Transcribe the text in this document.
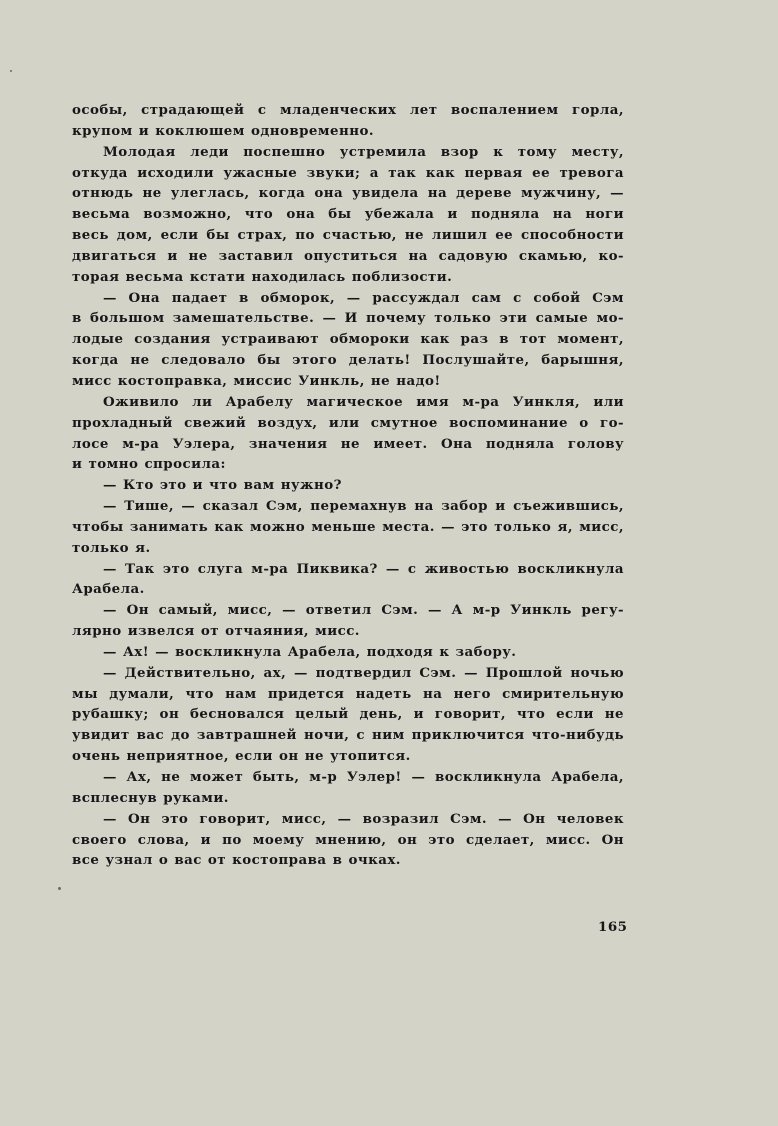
особы, страдающей с младенческих лет воспалением горла,

крупом и коклюшем одновременно.

Молодая леди поспешно устремила взор к тому месту,

откуда исходили ужасные звуки; а так как первая ее тревога

отнюдь не улеглась, когда она увидела на дереве мужчину, —

весьма возможно, что она бы убежала и подняла на ноги

весь дом, если бы страх, по счастью, не лишил ее способности

двигаться и не заставил опуститься на садовую скамью, ко-

торая весьма кстати находилась поблизости.

— Она падает в обморок, — рассуждал сам с собой Сэм

в большом замешательстве. — И почему только эти самые мо-

лодые создания устраивают обмороки как раз в тот момент,

когда не следовало бы этого делать! Послушайте, барышня,

мисс костоправка, миссис Уинкль, не надо!

Оживило ли Арабелу магическое имя м-ра Уинкля, или

прохладный свежий воздух, или смутное воспоминание о го-

лосе м-ра Уэлера, значения не имеет. Она подняла голову

и томно спросила:

— Кто это и что вам нужно?

— Тише, — сказал Сэм, перемахнув на забор и съежившись,

чтобы занимать как можно меньше места. — это только я, мисс,

только я.

— Так это слуга м-ра Пиквика? — с живостью воскликнула

Арабела.

— Он самый, мисс, — ответил Сэм. — А м-р Уинкль регу-

лярно извелся от отчаяния, мисс.

— Ах! — воскликнула Арабела, подходя к забору.

— Действительно, ах, — подтвердил Сэм. — Прошлой ночью

мы думали, что нам придется надеть на него смирительную

рубашку; он бесновался целый день, и говорит, что если не

увидит вас до завтрашней ночи, с ним приключится что-нибудь

очень неприятное, если он не утопится.

— Ах, не может быть, м-р Уэлер! — воскликнула Арабела,

всплеснув руками.

— Он это говорит, мисс, — возразил Сэм. — Он человек

своего слова, и по моему мнению, он это сделает, мисс. Он

все узнал о вас от костоправа в очках.

165
